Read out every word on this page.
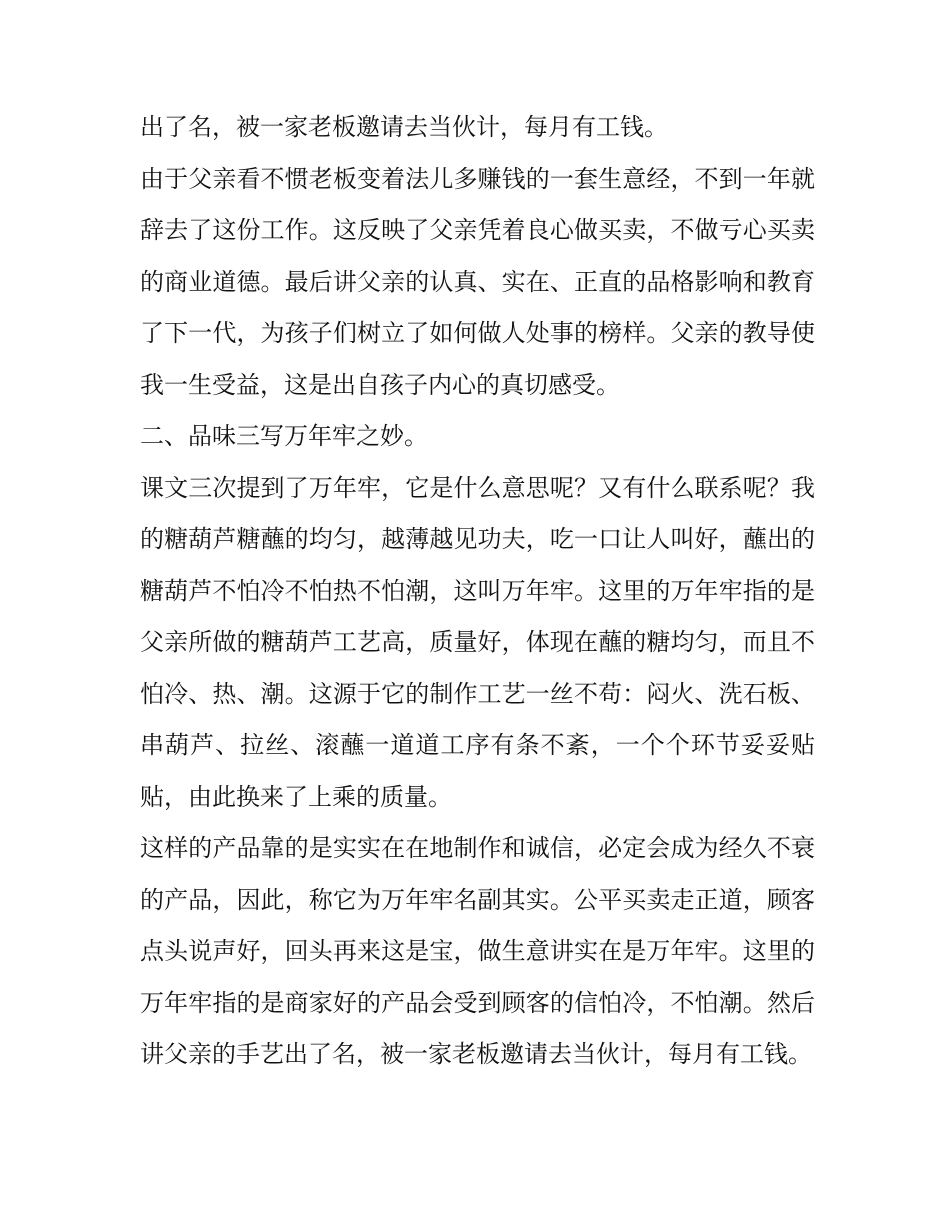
出了名，被一家老板邀请去当伙计，每月有工钱。

由于父亲看不惯老板变着法儿多赚钱的一套生意经，不到一年就辞去了这份工作。这反映了父亲凭着良心做买卖，不做亏心买卖的商业道德。最后讲父亲的认真、实在、正直的品格影响和教育了下一代，为孩子们树立了如何做人处事的榜样。父亲的教导使我一生受益，这是出自孩子内心的真切感受。

二、品味三写万年牢之妙。

课文三次提到了万年牢，它是什么意思呢？又有什么联系呢？我的糖葫芦糖蘸的均匀，越薄越见功夫，吃一口让人叫好，蘸出的糖葫芦不怕冷不怕热不怕潮，这叫万年牢。这里的万年牢指的是父亲所做的糖葫芦工艺高，质量好，体现在蘸的糖均匀，而且不怕冷、热、潮。这源于它的制作工艺一丝不苟：闷火、洗石板、串葫芦、拉丝、滚蘸一道道工序有条不紊，一个个环节妥妥贴贴，由此换来了上乘的质量。

这样的产品靠的是实实在在地制作和诚信，必定会成为经久不衰的产品，因此，称它为万年牢名副其实。公平买卖走正道，顾客点头说声好，回头再来这是宝，做生意讲实在是万年牢。这里的万年牢指的是商家好的产品会受到顾客的信怕冷，不怕潮。然后讲父亲的手艺出了名，被一家老板邀请去当伙计，每月有工钱。
